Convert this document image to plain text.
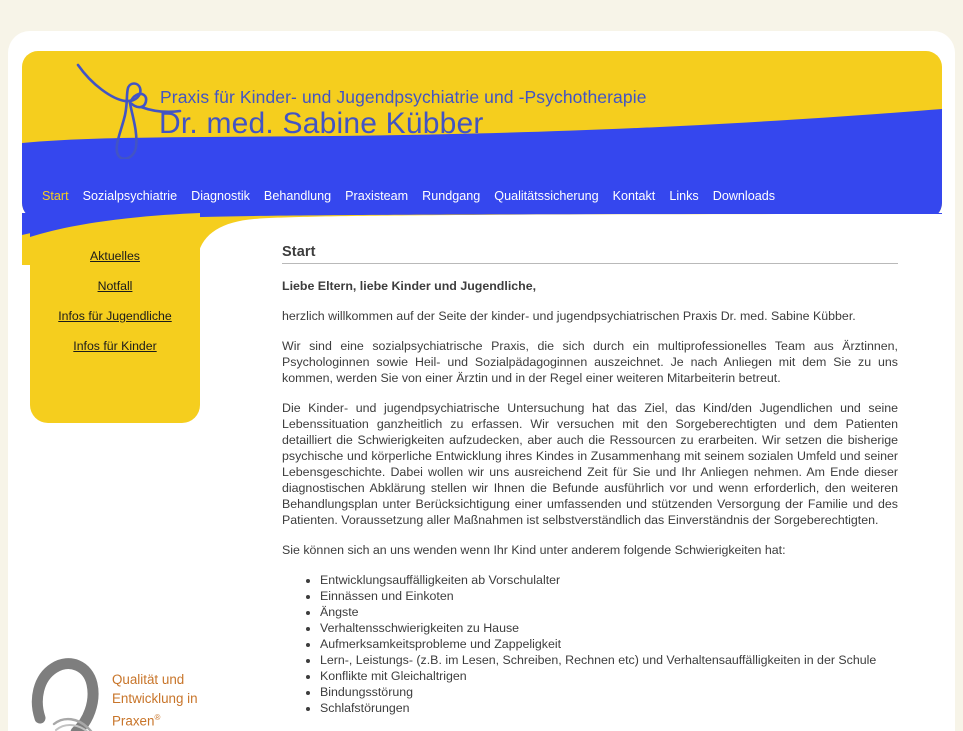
Praxis für Kinder- und Jugendpsychiatrie und -Psychotherapie
Dr. med. Sabine Kübber
Start	Sozialpsychiatrie	Diagnostik	Behandlung	Praxisteam	Rundgang	Qualitätssicherung	Kontakt	Links	Downloads
Aktuelles
Notfall
Infos für Jugendliche
Infos für Kinder
Start

Liebe Eltern, liebe Kinder und Jugendliche,

herzlich willkommen auf der Seite der kinder- und jugendpsychiatrischen Praxis Dr. med. Sabine Kübber.

Wir sind eine sozialpsychiatrische Praxis, die sich durch ein multiprofessionelles Team aus Ärztinnen, Psychologinnen sowie Heil- und Sozialpädagoginnen auszeichnet. Je nach Anliegen mit dem Sie zu uns kommen, werden Sie von einer Ärztin und in der Regel einer weiteren Mitarbeiterin betreut.

Die Kinder- und jugendpsychiatrische Untersuchung hat das Ziel, das Kind/den Jugendlichen und seine Lebenssituation ganzheitlich zu erfassen. Wir versuchen mit den Sorgeberechtigten und dem Patienten detailliert die Schwierigkeiten aufzudecken, aber auch die Ressourcen zu erarbeiten. Wir setzen die bisherige psychische und körperliche Entwicklung ihres Kindes in Zusammenhang mit seinem sozialen Umfeld und seiner Lebensgeschichte. Dabei wollen wir uns ausreichend Zeit für Sie und Ihr Anliegen nehmen. Am Ende dieser diagnostischen Abklärung stellen wir Ihnen die Befunde ausführlich vor und wenn erforderlich, den weiteren Behandlungsplan unter Berücksichtigung einer umfassenden und stützenden Versorgung der Familie und des Patienten. Voraussetzung aller Maßnahmen ist selbstverständlich das Einverständnis der Sorgeberechtigten.

Sie können sich an uns wenden wenn Ihr Kind unter anderem folgende Schwierigkeiten hat:

• Entwicklungsauffälligkeiten ab Vorschulalter
• Einnässen und Einkoten
• Ängste
• Verhaltensschwierigkeiten zu Hause
• Aufmerksamkeitsprobleme und Zappeligkeit
• Lern-, Leistungs- (z.B. im Lesen, Schreiben, Rechnen etc) und Verhaltensauffälligkeiten in der Schule
• Konflikte mit Gleichaltrigen
• Bindungsstörung
• Schlafstörungen
Qualität und
Entwicklung in
Praxen®
